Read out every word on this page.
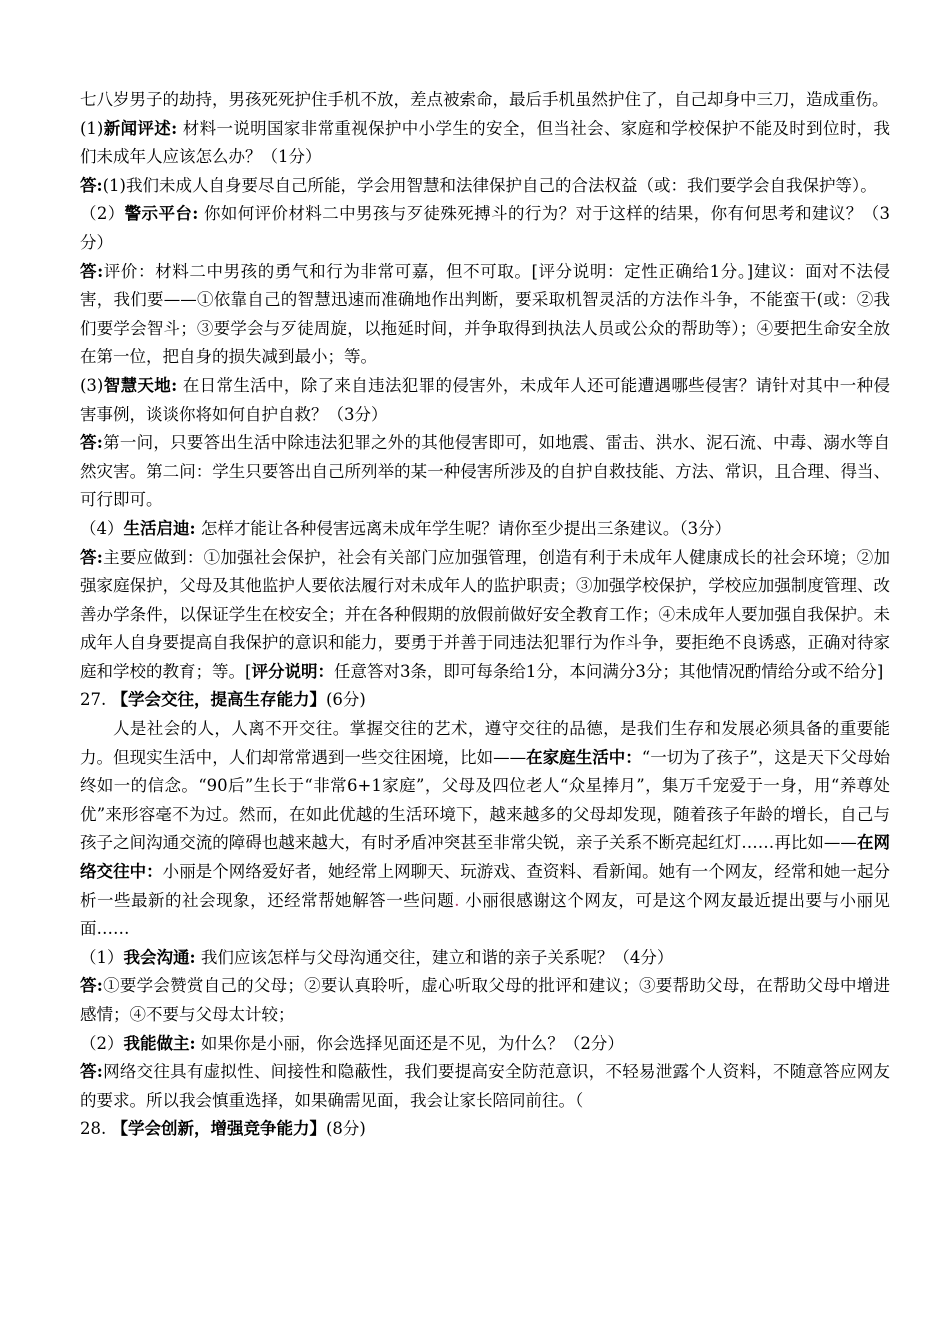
七八岁男子的劫持，男孩死死护住手机不放，差点被索命，最后手机虽然护住了，自己却身中三刀，造成重伤。

(1)新闻评述: 材料一说明国家非常重视保护中小学生的安全，但当社会、家庭和学校保护不能及时到位时，我们未成年人应该怎么办？（1分）

答:(1)我们未成人自身要尽自己所能，学会用智慧和法律保护自己的合法权益（或：我们要学会自我保护等）。

（2）警示平台: 你如何评价材料二中男孩与歹徒殊死搏斗的行为？对于这样的结果，你有何思考和建议？（3分）

答:评价：材料二中男孩的勇气和行为非常可嘉，但不可取。[评分说明：定性正确给1分。]建议：面对不法侵害，我们要——①依靠自己的智慧迅速而准确地作出判断，要采取机智灵活的方法作斗争，不能蛮干(或：②我们要学会智斗；③要学会与歹徒周旋，以拖延时间，并争取得到执法人员或公众的帮助等）；④要把生命安全放在第一位，把自身的损失减到最小；等。

(3)智慧天地: 在日常生活中，除了来自违法犯罪的侵害外，未成年人还可能遭遇哪些侵害？请针对其中一种侵害事例，谈谈你将如何自护自救？（3分）

答:第一问，只要答出生活中除违法犯罪之外的其他侵害即可，如地震、雷击、洪水、泥石流、中毒、溺水等自然灾害。第二问：学生只要答出自己所列举的某一种侵害所涉及的自护自救技能、方法、常识，且合理、得当、可行即可。

（4）生活启迪: 怎样才能让各种侵害远离未成年学生呢？请你至少提出三条建议。（3分）

答:主要应做到：①加强社会保护，社会有关部门应加强管理，创造有利于未成年人健康成长的社会环境；②加强家庭保护，父母及其他监护人要依法履行对未成年人的监护职责；③加强学校保护，学校应加强制度管理、改善办学条件，以保证学生在校安全；并在各种假期的放假前做好安全教育工作；④未成年人要加强自我保护。未成年人自身要提高自我保护的意识和能力，要勇于并善于同违法犯罪行为作斗争，要拒绝不良诱惑，正确对待家庭和学校的教育；等。[评分说明：任意答对3条，即可每条给1分，本问满分3分；其他情况酌情给分或不给分]

27. 【学会交往，提高生存能力】(6分)

人是社会的人，人离不开交往。掌握交往的艺术，遵守交往的品德，是我们生存和发展必须具备的重要能力。但现实生活中，人们却常常遇到一些交往困境，比如——在家庭生活中：“一切为了孩子”，这是天下父母始终如一的信念。“90后”生长于“非常6+1家庭”，父母及四位老人“众星捧月”，集万千宠爱于一身，用“养尊处优”来形容毫不为过。然而，在如此优越的生活环境下，越来越多的父母却发现，随着孩子年龄的增长，自己与孩子之间沟通交流的障碍也越来越大，有时矛盾冲突甚至非常尖锐，亲子关系不断亮起红灯……再比如——在网络交往中：小丽是个网络爱好者，她经常上网聊天、玩游戏、查资料、看新闻。她有一个网友，经常和她一起分析一些最新的社会现象，还经常帮她解答一些问题. 小丽很感谢这个网友，可是这个网友最近提出要与小丽见面……

（1）我会沟通: 我们应该怎样与父母沟通交往，建立和谐的亲子关系呢？（4分）

答:①要学会赞赏自己的父母；②要认真聆听，虚心听取父母的批评和建议；③要帮助父母，在帮助父母中增进感情；④不要与父母太计较；

（2）我能做主: 如果你是小丽，你会选择见面还是不见，为什么？（2分）

答:网络交往具有虚拟性、间接性和隐蔽性，我们要提高安全防范意识，不轻易泄露个人资料，不随意答应网友的要求。所以我会慎重选择，如果确需见面，我会让家长陪同前往。（

28. 【学会创新，增强竞争能力】(8分)
